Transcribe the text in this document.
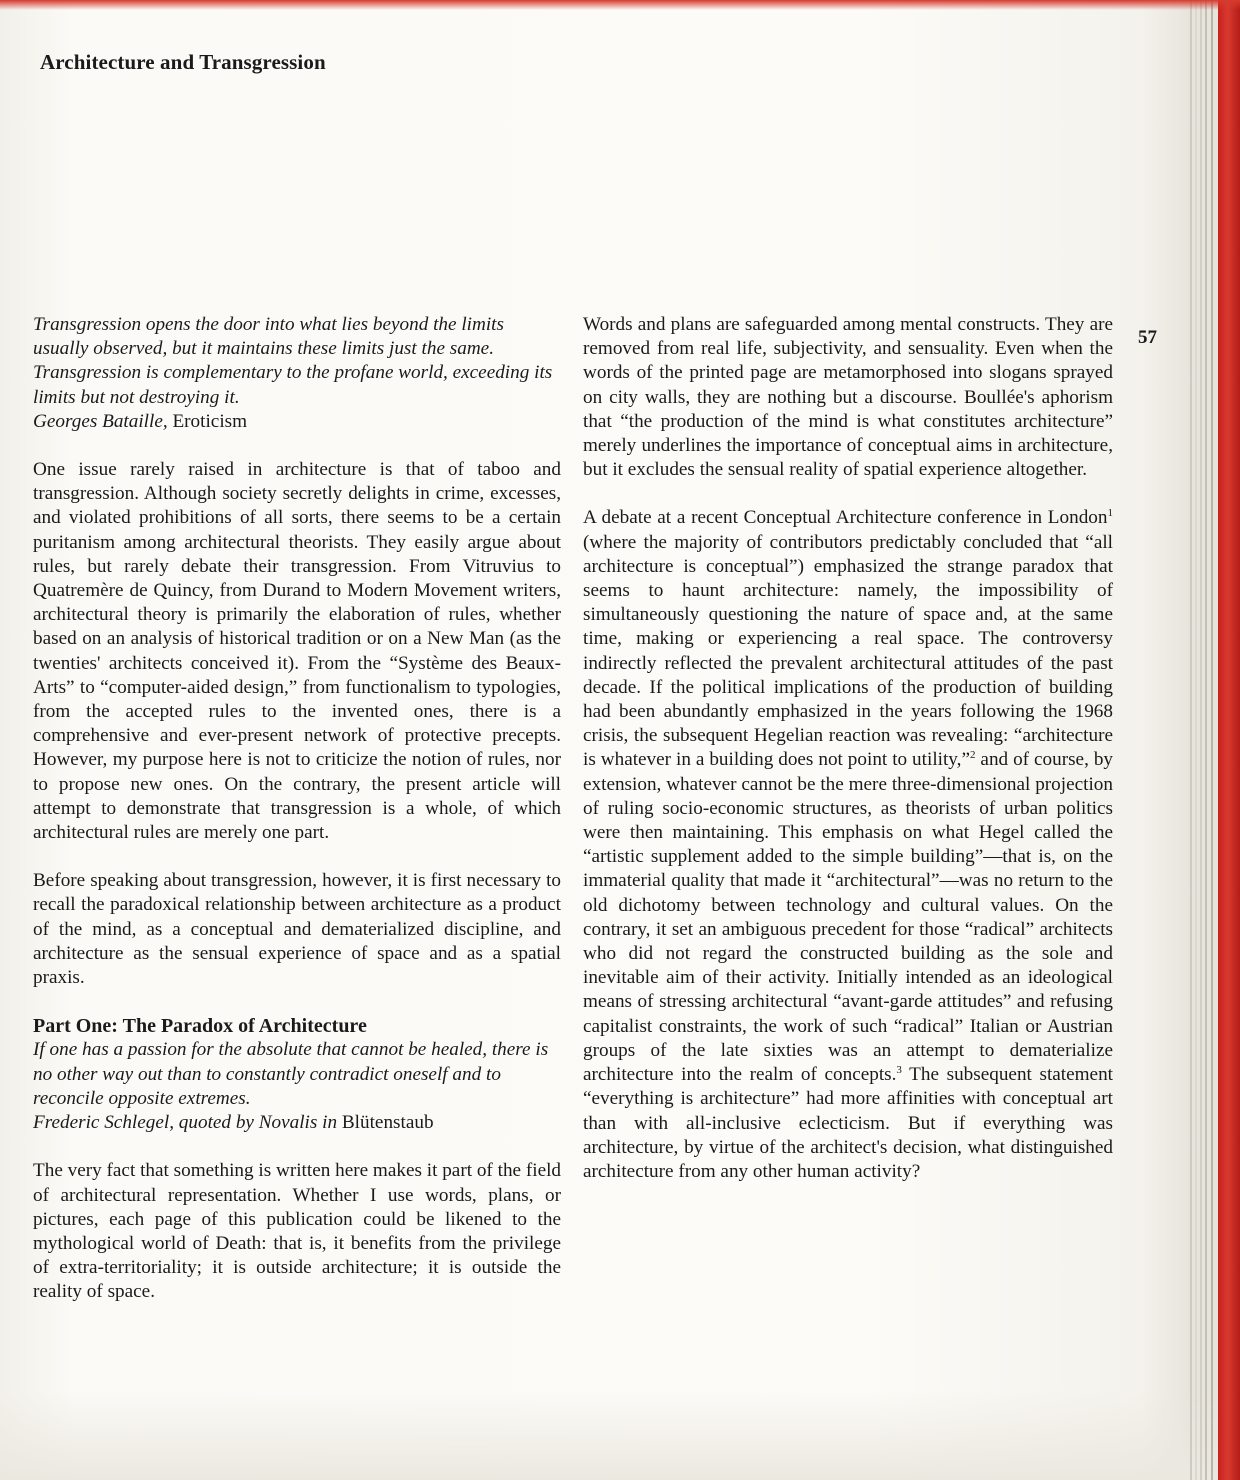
Architecture and Transgression
57

Transgression opens the door into what lies beyond the limits usually observed, but it maintains these limits just the same. Transgression is complementary to the profane world, exceeding its limits but not destroying it.

Georges Bataille, Eroticism

One issue rarely raised in architecture is that of taboo and transgression. Although society secretly delights in crime, excesses, and violated prohibitions of all sorts, there seems to be a certain puritanism among architectural theorists. They easily argue about rules, but rarely debate their transgression. From Vitruvius to Quatremère de Quincy, from Durand to Modern Movement writers, architectural theory is primarily the elaboration of rules, whether based on an analysis of historical tradition or on a New Man (as the twenties' architects conceived it). From the “Système des Beaux-Arts” to “computer-aided design,” from functionalism to typologies, from the accepted rules to the invented ones, there is a comprehensive and ever-present network of protective precepts. However, my purpose here is not to criticize the notion of rules, nor to propose new ones. On the contrary, the present article will attempt to demonstrate that transgression is a whole, of which architectural rules are merely one part.

Before speaking about transgression, however, it is first necessary to recall the paradoxical relationship between architecture as a product of the mind, as a conceptual and dematerialized discipline, and architecture as the sensual experience of space and as a spatial praxis.

Part One: The Paradox of Architecture

If one has a passion for the absolute that cannot be healed, there is no other way out than to constantly contradict oneself and to reconcile opposite extremes.

Frederic Schlegel, quoted by Novalis in Blütenstaub

The very fact that something is written here makes it part of the field of architectural representation. Whether I use words, plans, or pictures, each page of this publication could be likened to the mythological world of Death: that is, it benefits from the privilege of extra-territoriality; it is outside architecture; it is outside the reality of space.

Words and plans are safeguarded among mental constructs. They are removed from real life, subjectivity, and sensuality. Even when the words of the printed page are metamorphosed into slogans sprayed on city walls, they are nothing but a discourse. Boullée's aphorism that “the production of the mind is what constitutes architecture” merely underlines the importance of conceptual aims in architecture, but it excludes the sensual reality of spatial experience altogether.

A debate at a recent Conceptual Architecture conference in London$^1$ (where the majority of contributors predictably concluded that “all architecture is conceptual”) emphasized the strange paradox that seems to haunt architecture: namely, the impossibility of simultaneously questioning the nature of space and, at the same time, making or experiencing a real space. The controversy indirectly reflected the prevalent architectural attitudes of the past decade. If the political implications of the production of building had been abundantly emphasized in the years following the 1968 crisis, the subsequent Hegelian reaction was revealing: “architecture is whatever in a building does not point to utility,”$^2$ and of course, by extension, whatever cannot be the mere three-dimensional projection of ruling socio-economic structures, as theorists of urban politics were then maintaining. This emphasis on what Hegel called the “artistic supplement added to the simple building”—that is, on the immaterial quality that made it “architectural”—was no return to the old dichotomy between technology and cultural values. On the contrary, it set an ambiguous precedent for those “radical” architects who did not regard the constructed building as the sole and inevitable aim of their activity. Initially intended as an ideological means of stressing architectural “avant-garde attitudes” and refusing capitalist constraints, the work of such “radical” Italian or Austrian groups of the late sixties was an attempt to dematerialize architecture into the realm of concepts.$^3$ The subsequent statement “everything is architecture” had more affinities with conceptual art than with all-inclusive eclecticism. But if everything was architecture, by virtue of the architect's decision, what distinguished architecture from any other human activity?
